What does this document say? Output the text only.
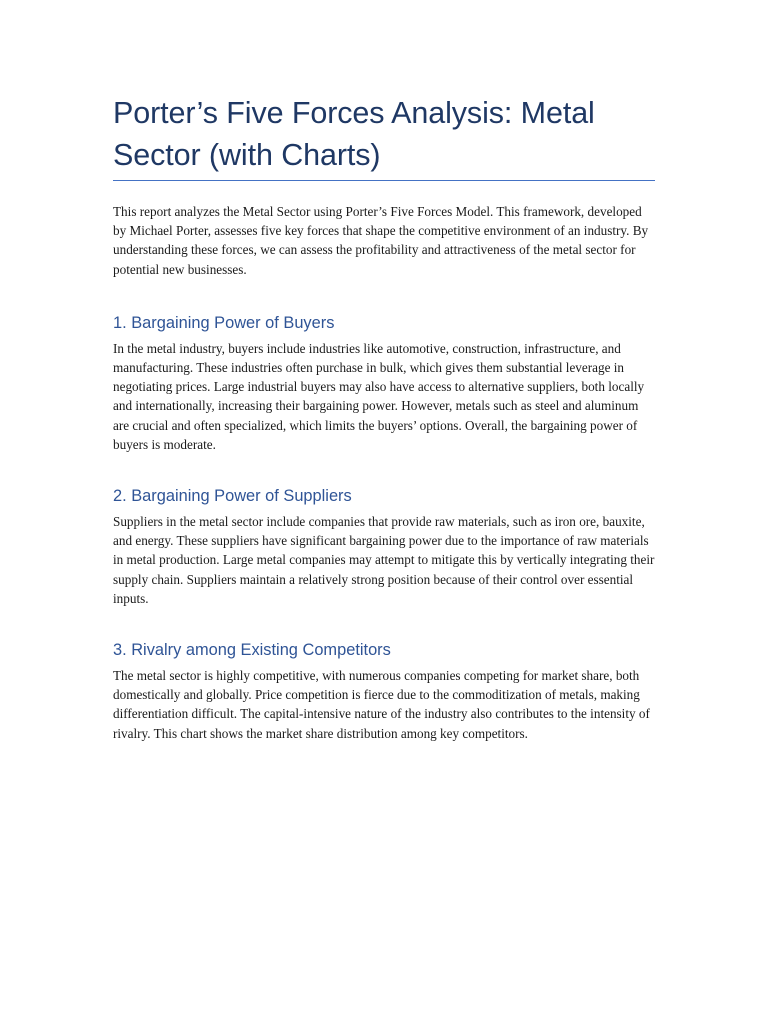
Porter’s Five Forces Analysis: Metal Sector (with Charts)

This report analyzes the Metal Sector using Porter’s Five Forces Model. This framework, developed by Michael Porter, assesses five key forces that shape the competitive environment of an industry. By understanding these forces, we can assess the profitability and attractiveness of the metal sector for potential new businesses.

1. Bargaining Power of Buyers

In the metal industry, buyers include industries like automotive, construction, infrastructure, and manufacturing. These industries often purchase in bulk, which gives them substantial leverage in negotiating prices. Large industrial buyers may also have access to alternative suppliers, both locally and internationally, increasing their bargaining power. However, metals such as steel and aluminum are crucial and often specialized, which limits the buyers’ options. Overall, the bargaining power of buyers is moderate.

2. Bargaining Power of Suppliers

Suppliers in the metal sector include companies that provide raw materials, such as iron ore, bauxite, and energy. These suppliers have significant bargaining power due to the importance of raw materials in metal production. Large metal companies may attempt to mitigate this by vertically integrating their supply chain. Suppliers maintain a relatively strong position because of their control over essential inputs.

3. Rivalry among Existing Competitors

The metal sector is highly competitive, with numerous companies competing for market share, both domestically and globally. Price competition is fierce due to the commoditization of metals, making differentiation difficult. The capital-intensive nature of the industry also contributes to the intensity of rivalry. This chart shows the market share distribution among key competitors.
